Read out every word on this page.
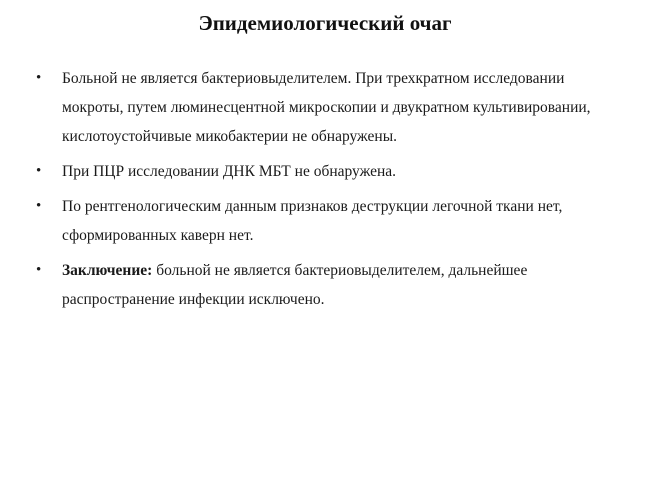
Эпидемиологический очаг
•	Больной не является бактериовыделителем. При трехкратном исследовании мокроты, путем люминесцентной микроскопии и двукратном культивировании, кислотоустойчивые микобактерии не обнаружены.
•	При ПЦР исследовании ДНК МБТ не обнаружена.
•	По рентгенологическим данным признаков деструкции легочной ткани нет, сформированных каверн нет.
•	Заключение: больной не является бактериовыделителем, дальнейшее распространение инфекции исключено.
